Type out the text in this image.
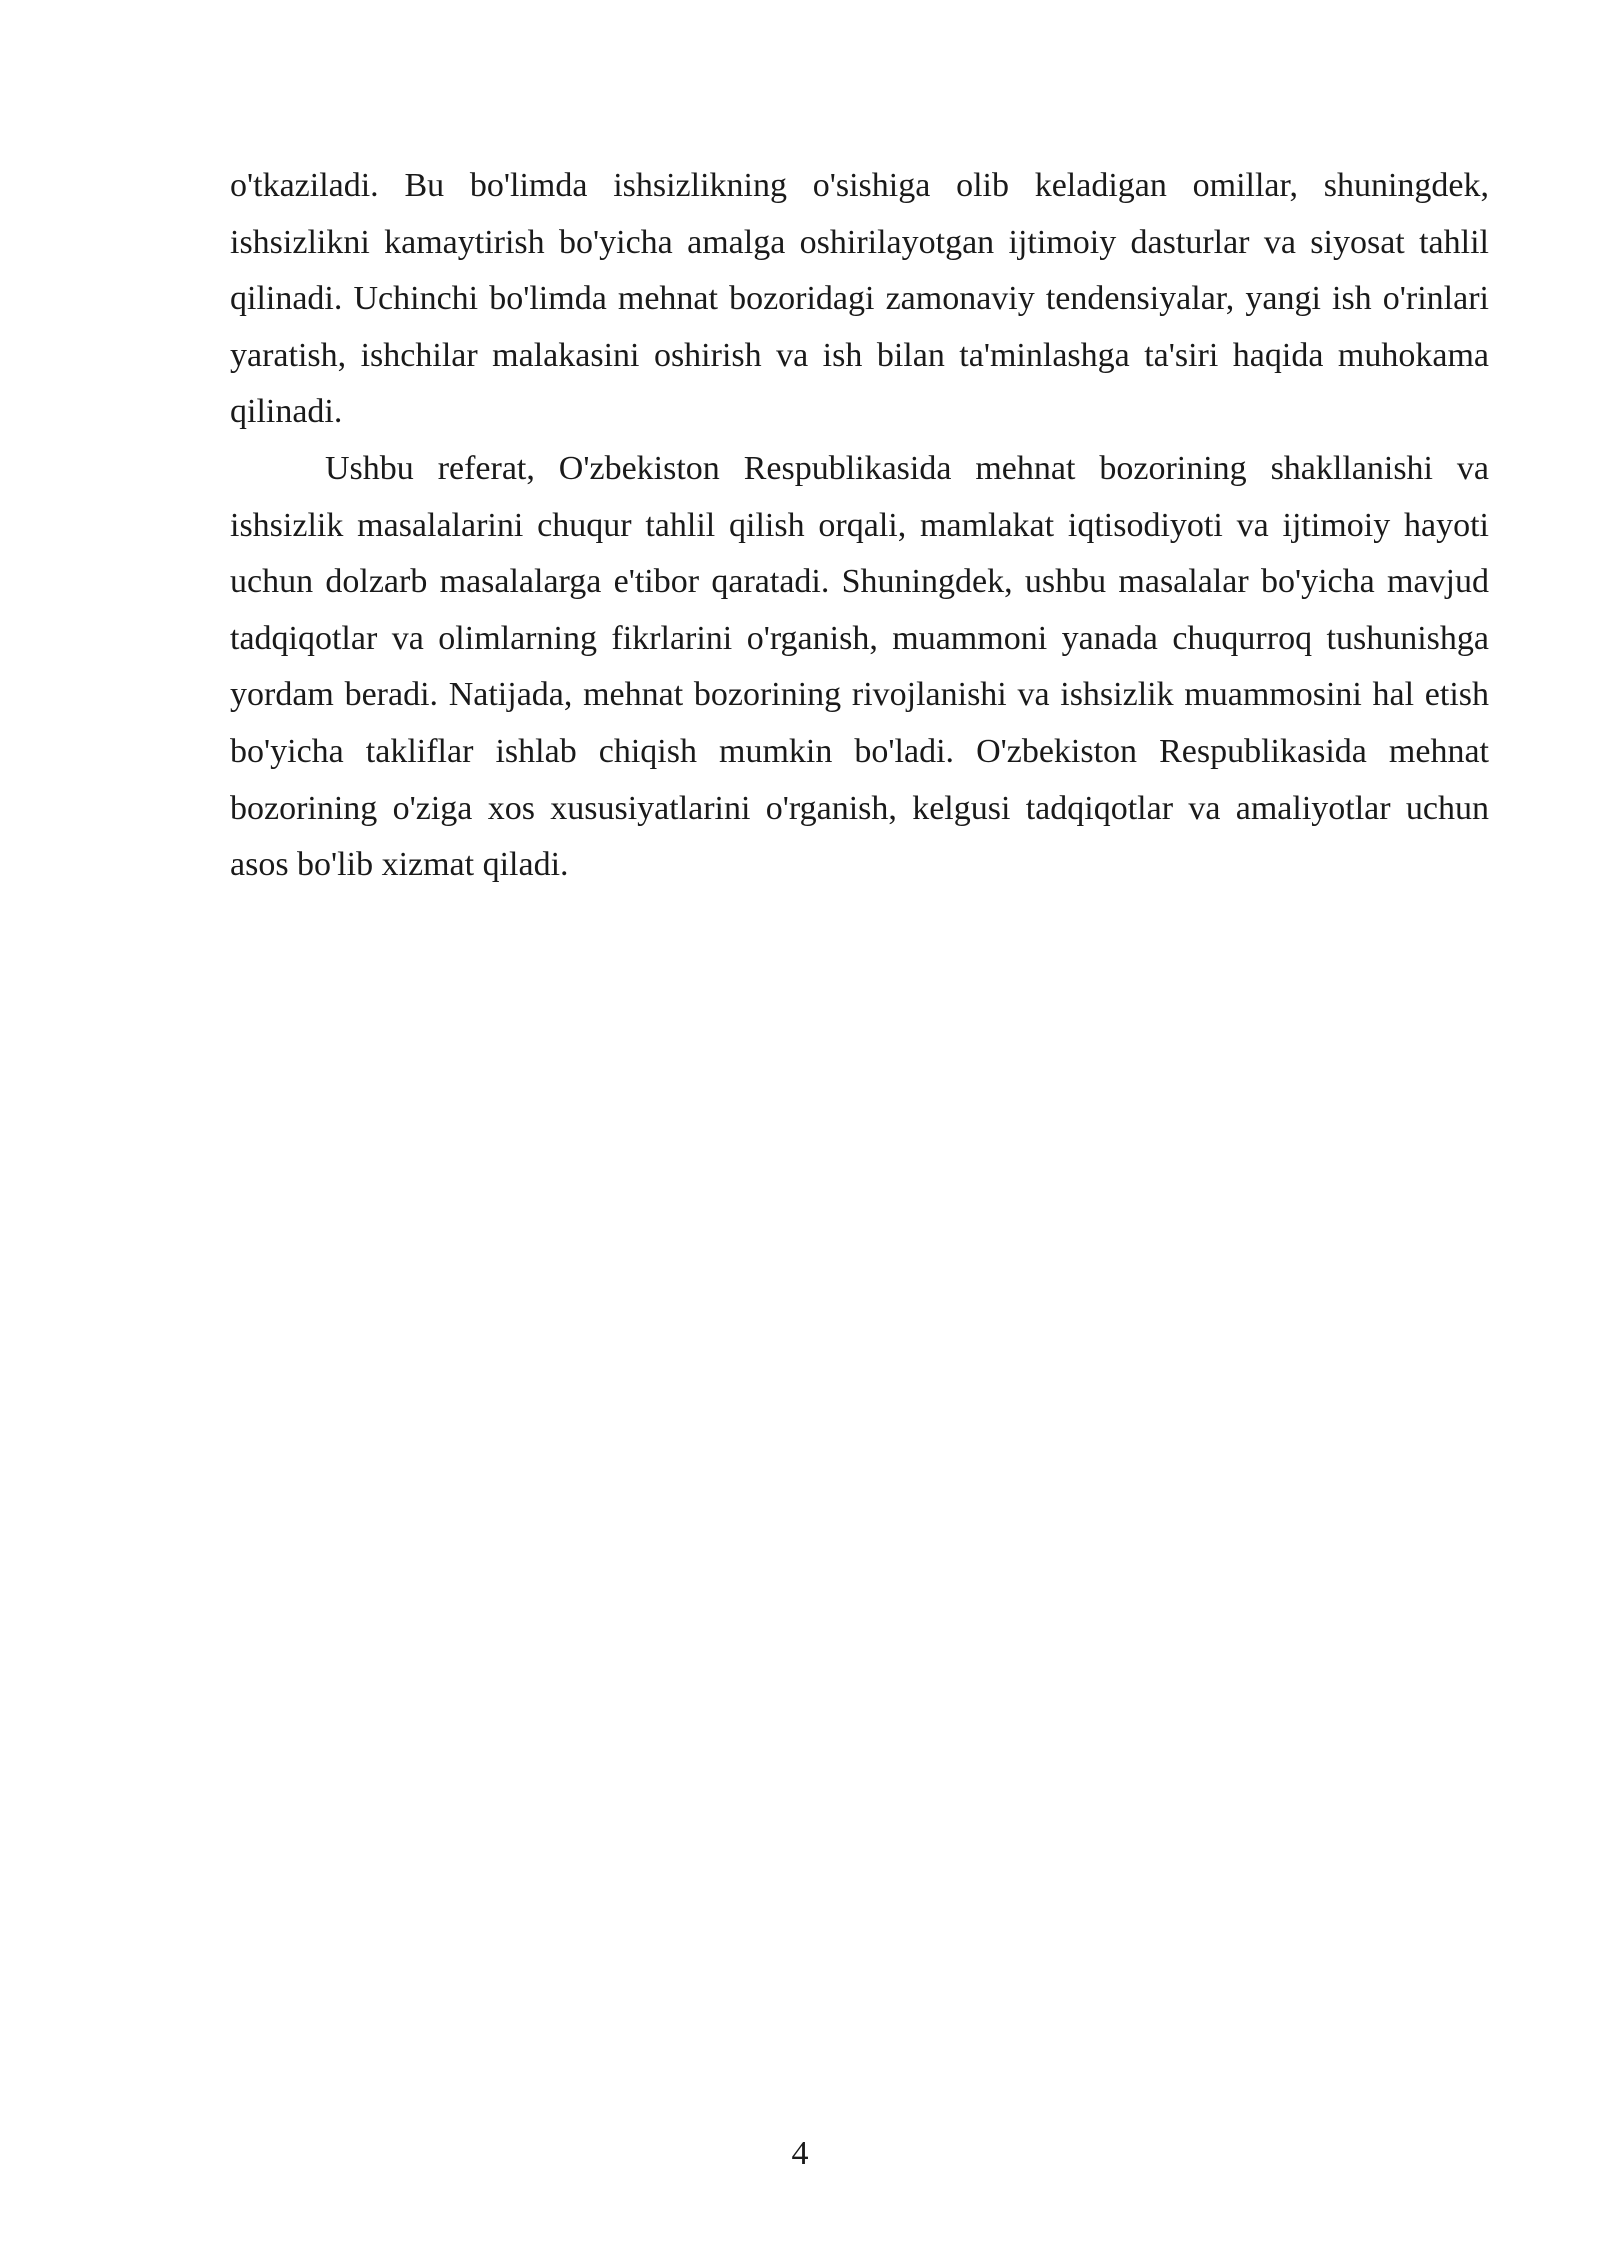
o'tkaziladi. Bu bo'limda ishsizlikning o'sishiga olib keladigan omillar, shuningdek, ishsizlikni kamaytirish bo'yicha amalga oshirilayotgan ijtimoiy dasturlar va siyosat tahlil qilinadi. Uchinchi bo'limda mehnat bozoridagi zamonaviy tendensiyalar, yangi ish o'rinlari yaratish, ishchilar malakasini oshirish va ish bilan ta'minlashga ta'siri haqida muhokama qilinadi.

Ushbu referat, O'zbekiston Respublikasida mehnat bozorining shakllanishi va ishsizlik masalalarini chuqur tahlil qilish orqali, mamlakat iqtisodiyoti va ijtimoiy hayoti uchun dolzarb masalalarga e'tibor qaratadi. Shuningdek, ushbu masalalar bo'yicha mavjud tadqiqotlar va olimlarning fikrlarini o'rganish, muammoni yanada chuqurroq tushunishga yordam beradi. Natijada, mehnat bozorining rivojlanishi va ishsizlik muammosini hal etish bo'yicha takliflar ishlab chiqish mumkin bo'ladi. O'zbekiston Respublikasida mehnat bozorining o'ziga xos xususiyatlarini o'rganish, kelgusi tadqiqotlar va amaliyotlar uchun asos bo'lib xizmat qiladi.

4
